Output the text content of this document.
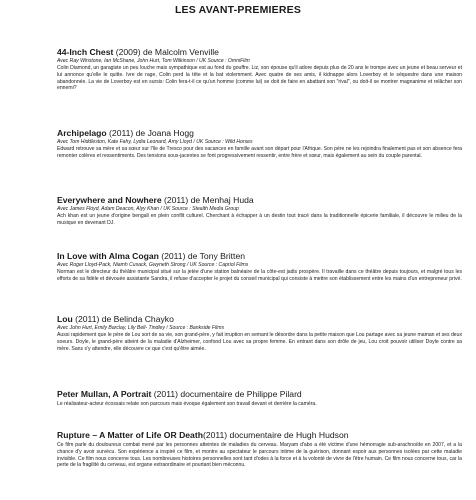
LES AVANT-PREMIERES

44-Inch Chest (2009) de Malcolm Venville

Avec Ray Winstone, Ian McShane, John Hurt, Tom Wilkinson / UK Source : OmniFilm

Colin Diamond, un garagiste un peu louche mais sympathique est au fond du gouffre. Liz, son épouse qu'il adore depuis plus de 20 ans le trompe avec un jeune et beau serveur et lui annonce qu'elle le quitte. Ivre de rage, Colin perd la tête et la bat violemment. Avec quatre de ses amis, il kidnappe alors Loverboy et le séquestre dans une maison abandonnée. La vie de Loverboy est en sursis: Colin fera-t-il ce qu'un homme (comme lui) se doit de faire en abattant son "rival", ou doit-il se montrer magnanime et relâcher son ennemi?

Archipelago (2011) de Joana Hogg

Avec Tom Hiddleston, Kate Fahy, Lydia Leonard, Amy Lloyd / UK Source : Wild Horses

Edward retrouve sa mère et sa sœur sur l'île de Tresco pour des vacances en famille avant son départ pour l'Afrique. Son père ne les rejoindra finalement pas et son absence fera remonter colères et ressentiments. Des tensions sous-jacentes se font progressivement ressentir, entre frère et sœur, mais également au sein du couple parental.

Everywhere and Nowhere (2011) de Menhaj Huda

Avec James Floyd, Adam Deacon, Alyy Khan / UK Source : Stealth Media Group

Ach khan est un jeune d'origine bengali en plein conflit culturel. Cherchant à échapper à un destin tout tracé dans la traditionnelle épicerie familiale, il découvre le milieu de la musique en devenant DJ.

In Love with Alma Cogan (2011) de Tony Britten

Avec Roger Lloyd-Pack, Niamh Cusack, Gwyneth Strong / UK Source : Capriol Films

Norman est le directeur du théâtre municipal situé sur la jetée d'une station balnéaire de la côte-est jadis prospère. Il travaille dans ce théâtre depuis toujours, et malgré tous les efforts de sa fidèle et dévouée assistante Sandra, il refuse d'accepter le projet du conseil municipal qui consiste à mettre son établissement entre les mains d'un entrepreneur privé.

Lou (2011) de Belinda Chayko

Avec John Hurt, Emily Barclay, Lily Bell- Tindley / Source : Bankside Films

Aussi rapidement que le père de Lou sort de sa vie, son grand-père, y fait irruption en semant le désordre dans la petite maison que Lou partage avec sa jeune maman et ses deux soeurs. Doyle, le grand-père atteint de la maladie d'Alzheimer, confond Lou avec sa propre femme. En entrant dans son drôle de jeu, Lou croit pouvoir utiliser Doyle contre sa mère. Sans s'y attendre, elle découvre ce que c'est qu'être aimée.

Peter Mullan, A Portrait (2011) documentaire de Philippe Pilard

Le réalisateur-acteur écossais relate son parcours mais évoque également son travail devant et derrière la caméra.

Rupture – A Matter of Life OR Death(2011) documentaire de Hugh Hudson

Ce film parle du douloureux combat mené par les personnes atteintes de maladies du cerveau. Maryam d'abo a été victime d'une hémorragie sub-arachnoïde en 2007, et a la chance d'y avoir survécu. Son expérience a inspiré ce film, et montre au spectateur le parcours intime de la guérison, donnant espoir aux personnes isolées par cette maladie invisible. Ce film nous concerne tous. Les nombreuses histoires personnelles sont tant d'odes à la force et à la volonté de vivre de l'être humain. Ce film nous concerne tous, car la perte de la fragilité du cerveau, est organe extraordinaire et pourtant bien méconnu.
